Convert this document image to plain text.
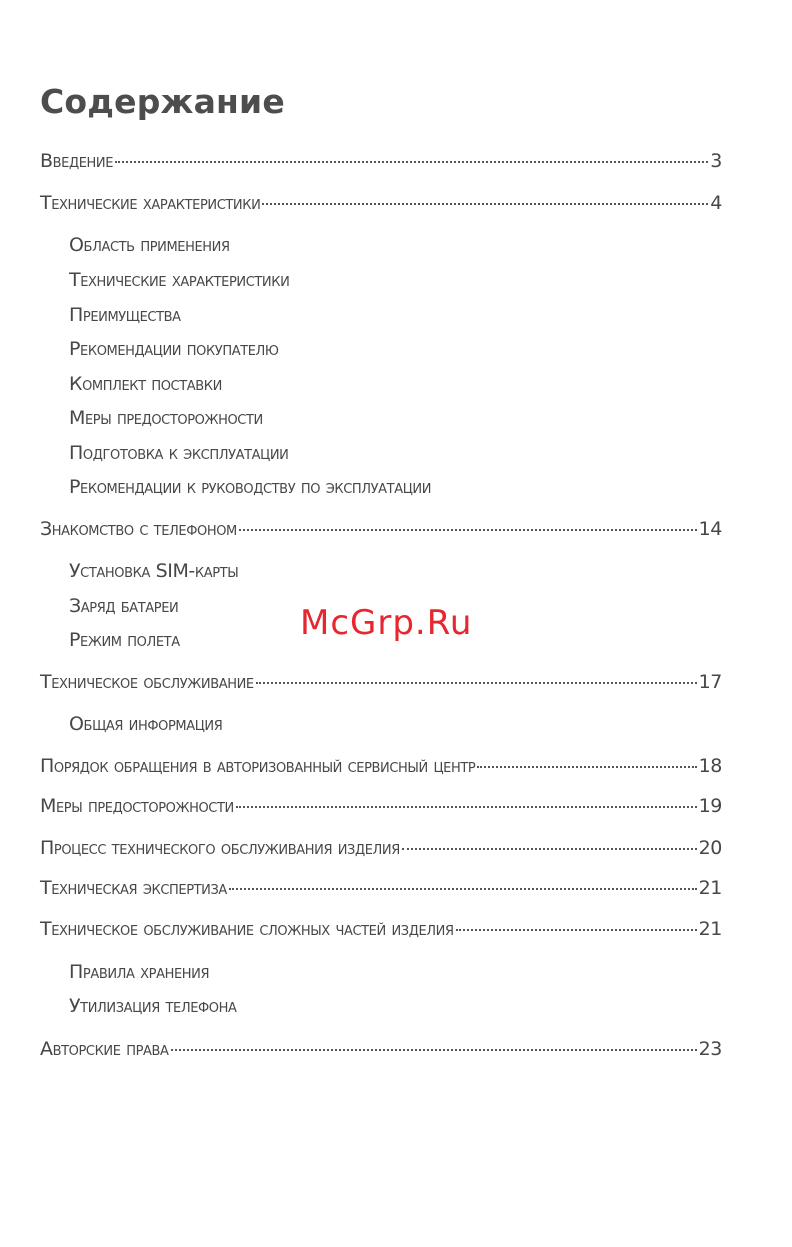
Содержание
Введение	3
Технические характеристики	4
Область применения
Технические характеристики
Преимущества
Рекомендации покупателю
Комплект поставки
Меры предосторожности
Подготовка к эксплуатации
Рекомендации к руководству по эксплуатации
Знакомство с телефоном	14
Установка SIM-карты
Заряд батареи
Режим полета
Техническое обслуживание	17
Общая информация
Порядок обращения в авторизованный сервисный центр	18
Меры предосторожности	19
Процесс технического обслуживания изделия	20
Техническая экспертиза	21
Техническое обслуживание сложных частей изделия	21
Правила хранения
Утилизация телефона
Авторские права	23
McGrp.Ru
